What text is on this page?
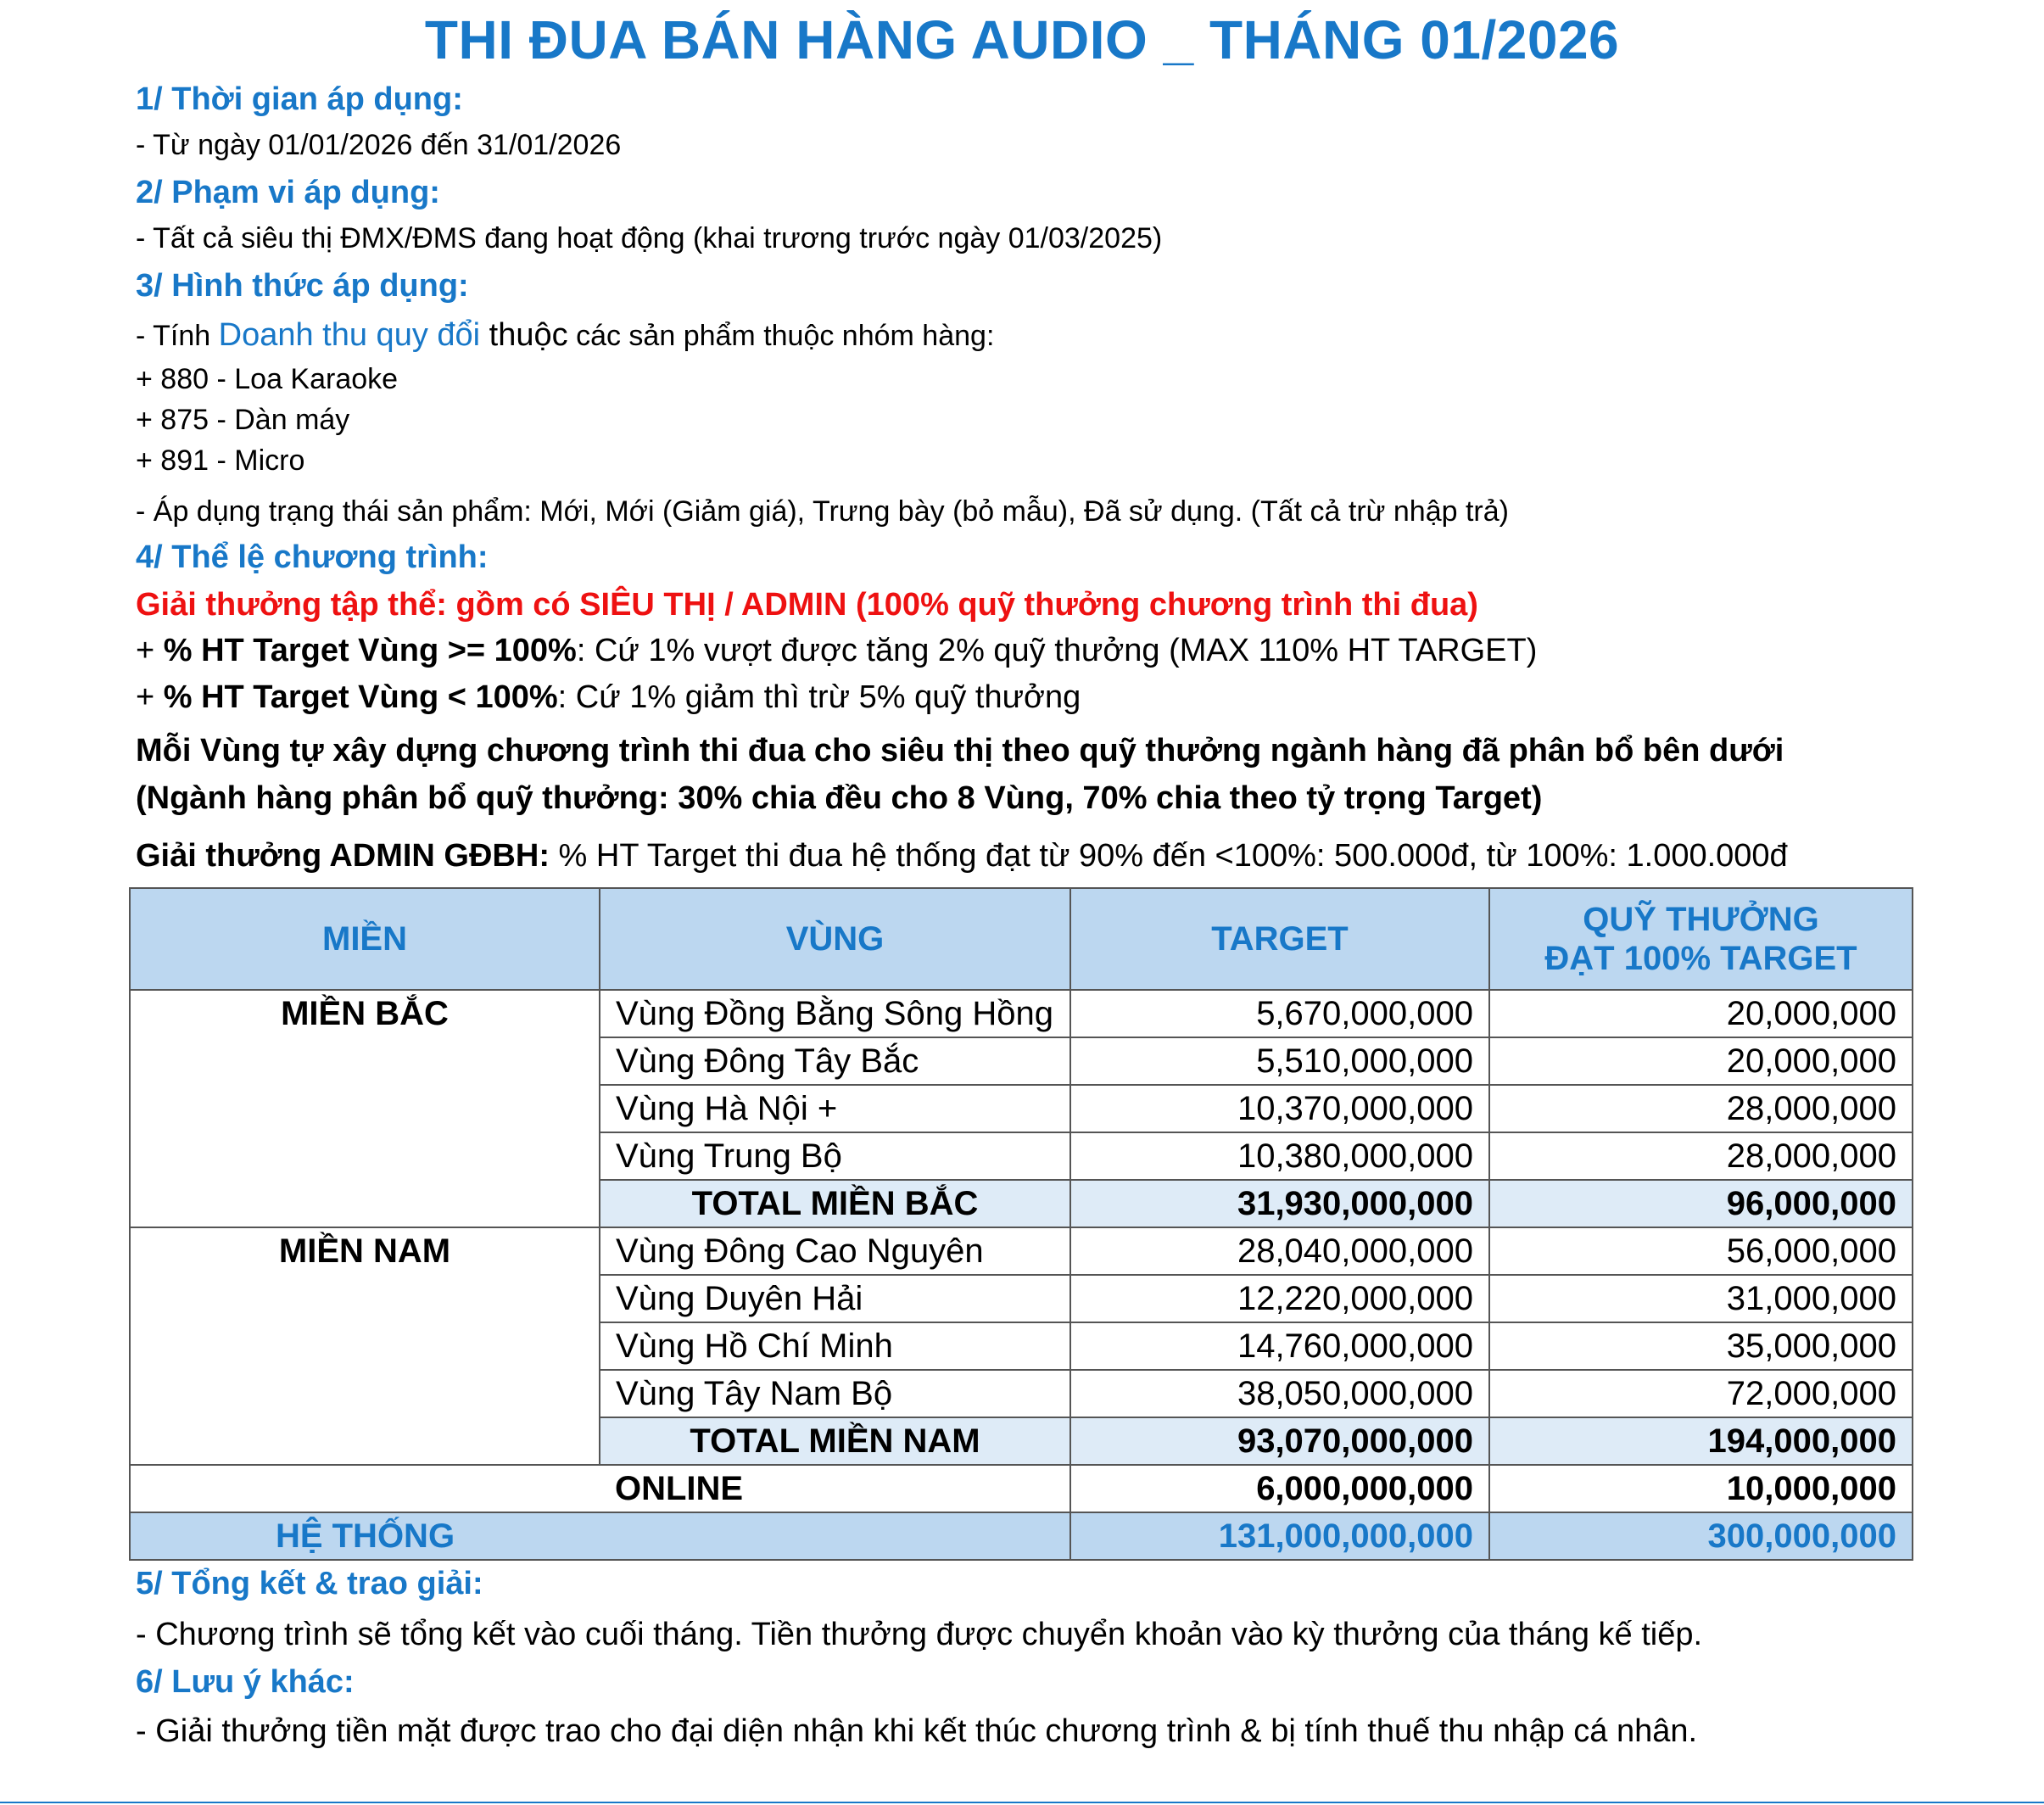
THI ĐUA BÁN HÀNG AUDIO _ THÁNG 01/2026
1/ Thời gian áp dụng:
- Từ ngày 01/01/2026 đến 31/01/2026
2/ Phạm vi áp dụng:
- Tất cả siêu thị ĐMX/ĐMS đang hoạt động (khai trương trước ngày 01/03/2025)
3/ Hình thức áp dụng:
- Tính Doanh thu quy đổi thuộc các sản phẩm thuộc nhóm hàng:
+ 880 - Loa Karaoke
+ 875 - Dàn máy
+ 891 - Micro
- Áp dụng trạng thái sản phẩm: Mới, Mới (Giảm giá), Trưng bày (bỏ mẫu), Đã sử dụng. (Tất cả trừ nhập trả)
4/ Thể lệ chương trình:
Giải thưởng tập thể: gồm có SIÊU THỊ / ADMIN (100% quỹ thưởng chương trình thi đua)
+ % HT Target Vùng >= 100%: Cứ 1% vượt được tăng 2% quỹ thưởng (MAX 110% HT TARGET)
+ % HT Target Vùng < 100%: Cứ 1% giảm thì trừ 5% quỹ thưởng
Mỗi Vùng tự xây dựng chương trình thi đua cho siêu thị theo quỹ thưởng ngành hàng đã phân bổ bên dưới
(Ngành hàng phân bổ quỹ thưởng: 30% chia đều cho 8 Vùng, 70% chia theo tỷ trọng Target)
Giải thưởng ADMIN GĐBH: % HT Target thi đua hệ thống đạt từ 90% đến <100%: 500.000đ, từ 100%: 1.000.000đ
MIỀN	VÙNG	TARGET	QUỸ THƯỞNG
ĐẠT 100% TARGET

MIỀN BẮC	Vùng Đồng Bằng Sông Hồng	5,670,000,000	20,000,000
	Vùng Đông Tây Bắc	5,510,000,000	20,000,000
	Vùng Hà Nội +	10,370,000,000	28,000,000
	Vùng Trung Bộ	10,380,000,000	28,000,000
	TOTAL MIỀN BẮC	31,930,000,000	96,000,000
MIỀN NAM	Vùng Đông Cao Nguyên	28,040,000,000	56,000,000
	Vùng Duyên Hải	12,220,000,000	31,000,000
	Vùng Hồ Chí Minh	14,760,000,000	35,000,000
	Vùng Tây Nam Bộ	38,050,000,000	72,000,000
	TOTAL MIỀN NAM	93,070,000,000	194,000,000
	ONLINE	6,000,000,000	10,000,000
HỆ THỐNG		131,000,000,000	300,000,000
5/ Tổng kết & trao giải:
- Chương trình sẽ tổng kết vào cuối tháng. Tiền thưởng được chuyển khoản vào kỳ thưởng của tháng kế tiếp.
6/ Lưu ý khác:
- Giải thưởng tiền mặt được trao cho đại diện nhận khi kết thúc chương trình & bị tính thuế thu nhập cá nhân.
